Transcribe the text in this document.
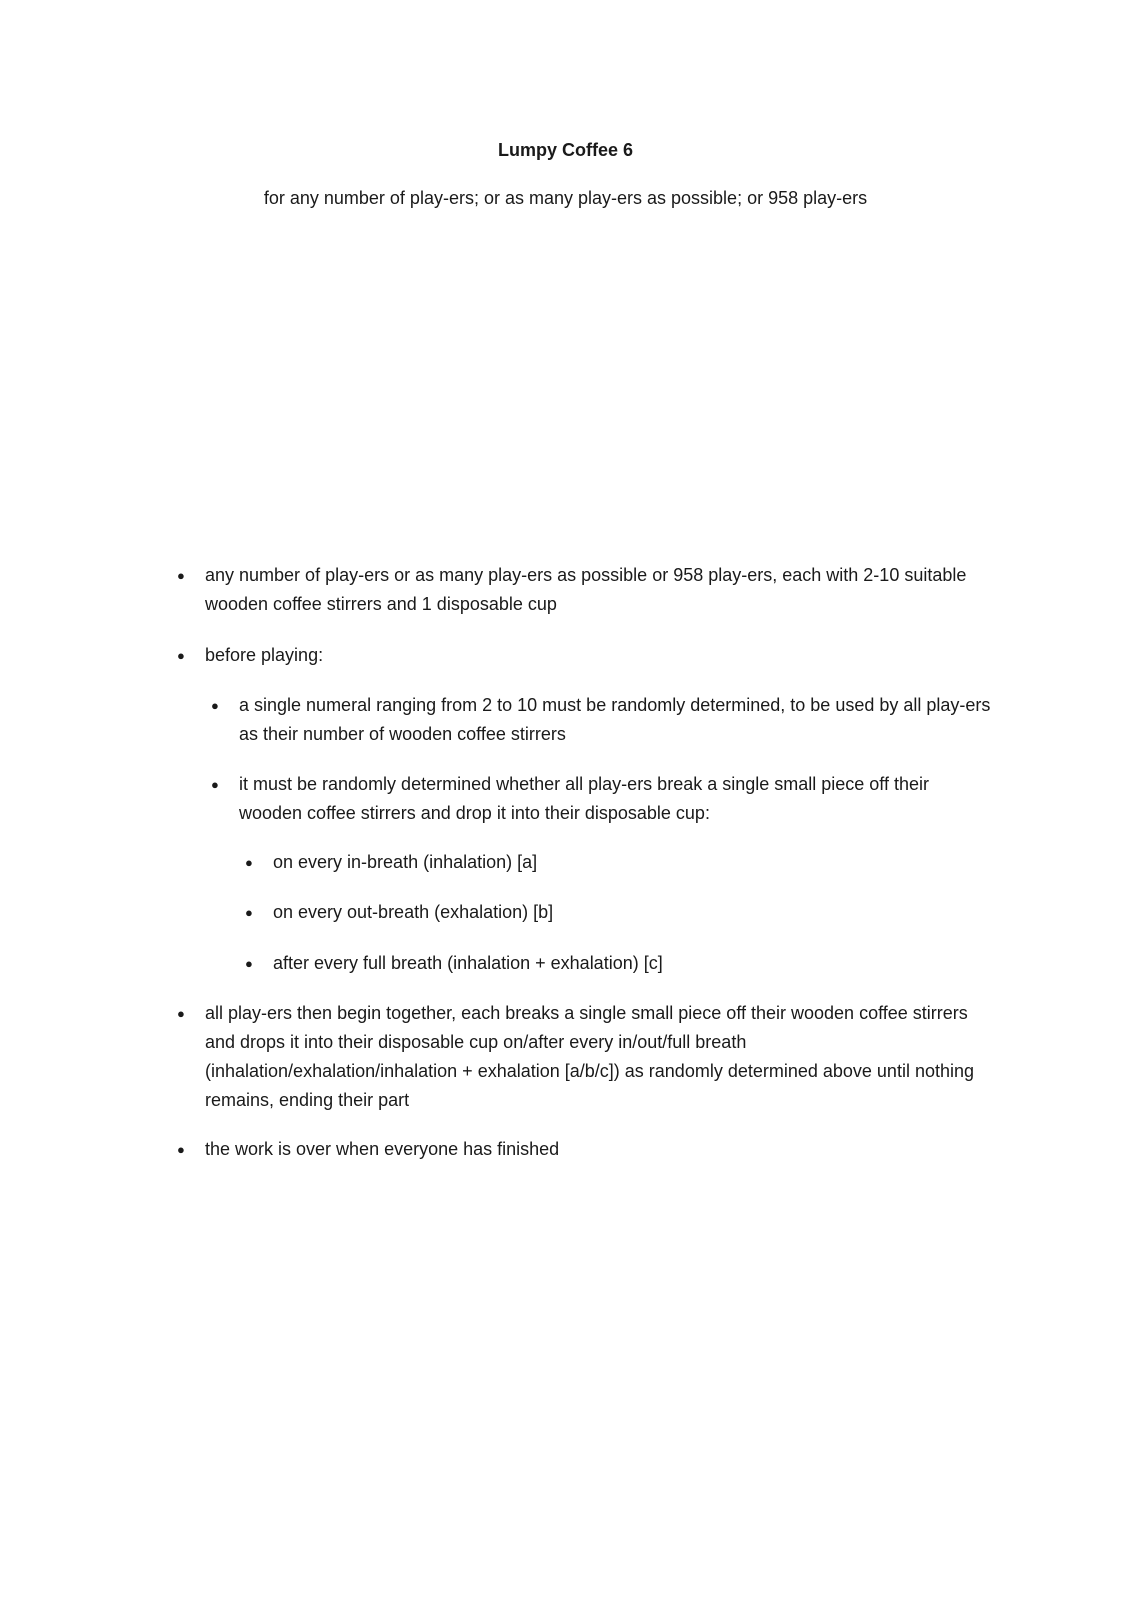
Lumpy Coffee 6
for any number of play-ers; or as many play-ers as possible; or 958 play-ers
● any number of play-ers or as many play-ers as possible or 958 play-ers, each with 2-10 suitable wooden coffee stirrers and 1 disposable cup
● before playing:
● a single numeral ranging from 2 to 10 must be randomly determined, to be used by all play-ers as their number of wooden coffee stirrers
● it must be randomly determined whether all play-ers break a single small piece off their wooden coffee stirrers and drop it into their disposable cup:
● on every in-breath (inhalation) [a]
● on every out-breath (exhalation) [b]
● after every full breath (inhalation + exhalation) [c]
● all play-ers then begin together, each breaks a single small piece off their wooden coffee stirrers and drops it into their disposable cup on/after every in/out/full breath (inhalation/exhalation/inhalation + exhalation [a/b/c]) as randomly determined above until nothing remains, ending their part
● the work is over when everyone has finished
